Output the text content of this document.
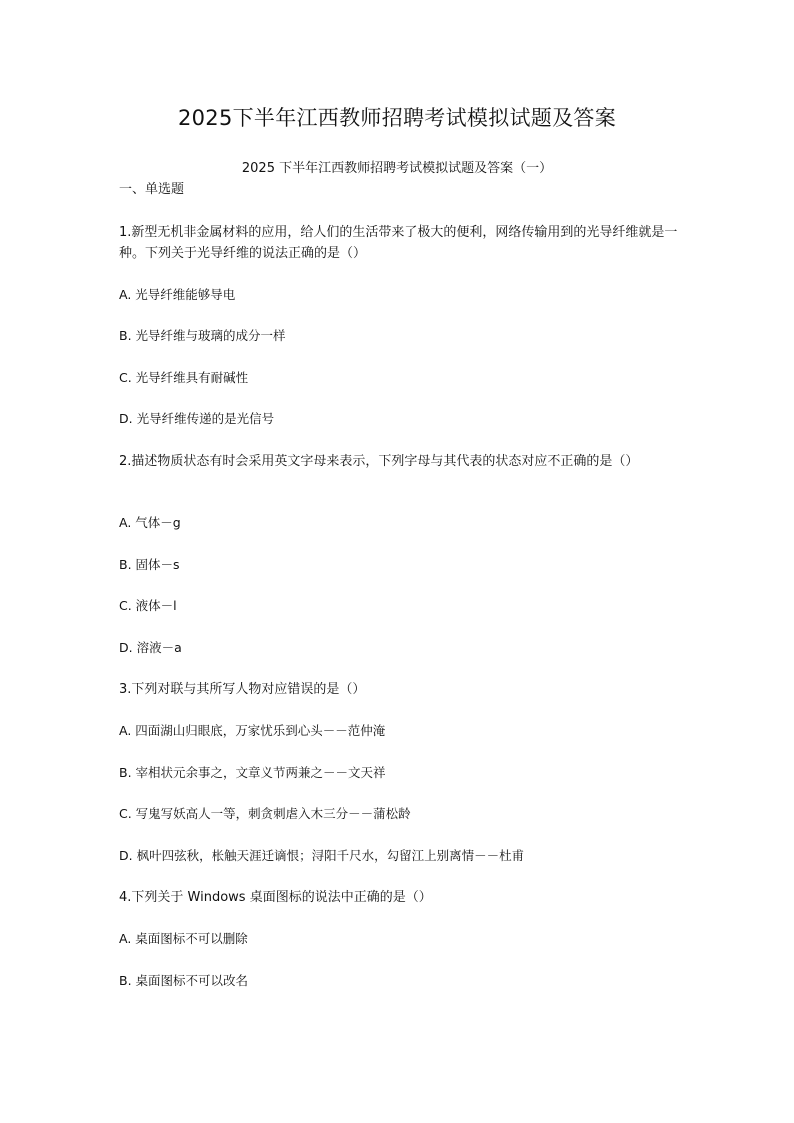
2025下半年江西教师招聘考试模拟试题及答案
2025 下半年江西教师招聘考试模拟试题及答案（一）
一、单选题
1.新型无机非金属材料的应用，给人们的生活带来了极大的便利，网络传输用到的光导纤维就是一种。下列关于光导纤维的说法正确的是（）
A. 光导纤维能够导电
B. 光导纤维与玻璃的成分一样
C. 光导纤维具有耐碱性
D. 光导纤维传递的是光信号
2.描述物质状态有时会采用英文字母来表示，下列字母与其代表的状态对应不正确的是（）
A. 气体－g
B. 固体－s
C. 液体－l
D. 溶液－a
3.下列对联与其所写人物对应错误的是（）
A. 四面湖山归眼底，万家忧乐到心头－－范仲淹
B. 宰相状元余事之，文章义节两兼之－－文天祥
C. 写鬼写妖高人一等，刺贪刺虐入木三分－－蒲松龄
D. 枫叶四弦秋，枨触天涯迁谪恨；浔阳千尺水，勾留江上别离情－－杜甫
4.下列关于 Windows 桌面图标的说法中正确的是（）
A. 桌面图标不可以删除
B. 桌面图标不可以改名
